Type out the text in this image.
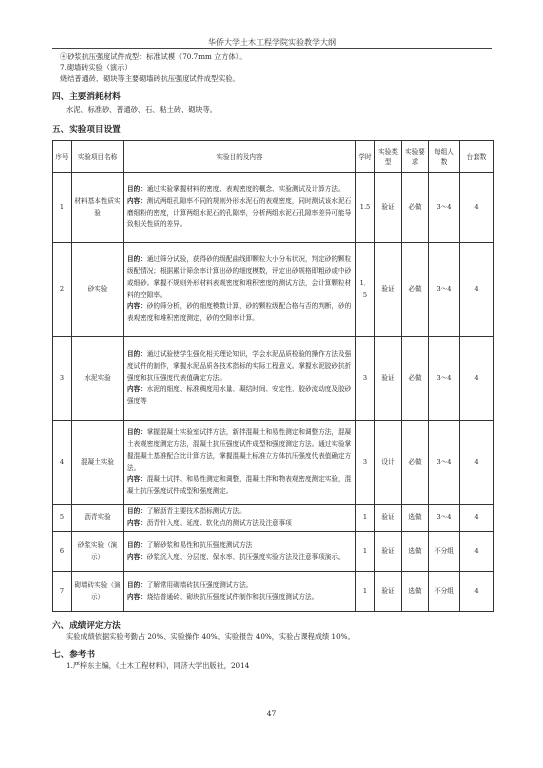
华侨大学土木工程学院实验教学大纲
④砂浆抗压强度试件成型：标准试模（70.7mm 立方体）。
7.砌墙砖实验（演示）
烧结普通砖、砌块等主要砌墙砖抗压强度试件成型实验。
四、主要消耗材料
水泥、标准砂、普通砂、石、粘土砖、砌块等。
五、实验项目设置
序号	实验项目名称	实验目的及内容	学时	实验类型	实验要求	每组人数	台套数
1	材料基本性质实验	目的：通过实验掌握材料的密度、表观密度的概念、实验测试及计算方法。
内容：测试两组孔隙率不同的规则外形水泥石的表观密度，同时测试该水泥石磨细粉的密度，计算两组水泥石的孔隙率，分析两组水泥石孔隙率差异可能导致相关性质的差异。	1.5	验证	必做	3～4	4
2	砂实验	目的：通过筛分试验，获得砂的级配曲线即颗粒大小分布状况，判定砂的颗粒级配情况；根据累计筛余率计算出砂的细度模数，评定出砂规格即粗砂或中砂或细砂。掌握不规则外形材料表观密度和堆积密度的测试方法，会计算颗粒材料的空隙率。
内容：砂的筛分析，砂的细度模数计算，砂的颗粒级配合格与否的判断，砂的表观密度和堆积密度测定，砂的空隙率计算。	1．5	验证	必做	3～4	4
3	水泥实验	目的：通过试验使学生强化相关理论知识，学会水泥品质检验的操作方法及强度试件的制作，掌握水泥品质各技术指标的实际工程意义。掌握水泥胶砂抗折强度和抗压强度代表值确定方法。
内容：水泥的细度、标准稠度用水量、凝结时间、安定性、胶砂流动度及胶砂强度等	3	验证	必做	3～4	4
4	混凝土实验	目的：掌握混凝土实验室试拌方法，新拌混凝土和易性测定和调整方法，混凝土表观密度测定方法，混凝土抗压强度试件成型和强度测定方法。通过实验掌握混凝土基准配合比计算方法，掌握混凝土标准立方体抗压强度代表值确定方法。
内容：混凝土试拌、和易性测定和调整，混凝土拌和物表观密度测定实验，混凝土抗压强度试件成型和强度测定。	3	设计	必做	3～4	4
5	沥青实验	目的：了解沥青主要技术指标测试方法。
内容：沥青针入度、延度、软化点的测试方法及注意事项	1	验证	选做	3～4	4
6	砂浆实验（演示）	目的：了解砂浆和易性和抗压强度测试方法
内容：砂浆沉入度、分层度、保水率、抗压强度实验方法及注意事项演示。	1	验证	选做	不分组	4
7	砌墙砖实验（演示）	目的：了解常用砌墙砖抗压强度测试方法。
内容：烧结普通砖、砌块抗压强度试件制作和抗压强度测试方法。	1	验证	选做	不分组	4
六、成绩评定方法
实验成绩依据实验考勤占 20%、实验操作 40%、实验报告 40%，实验占课程成绩 10%。
七、参考书
1.严梓东主编，《土木工程材料》，同济大学出版社，2014
47
